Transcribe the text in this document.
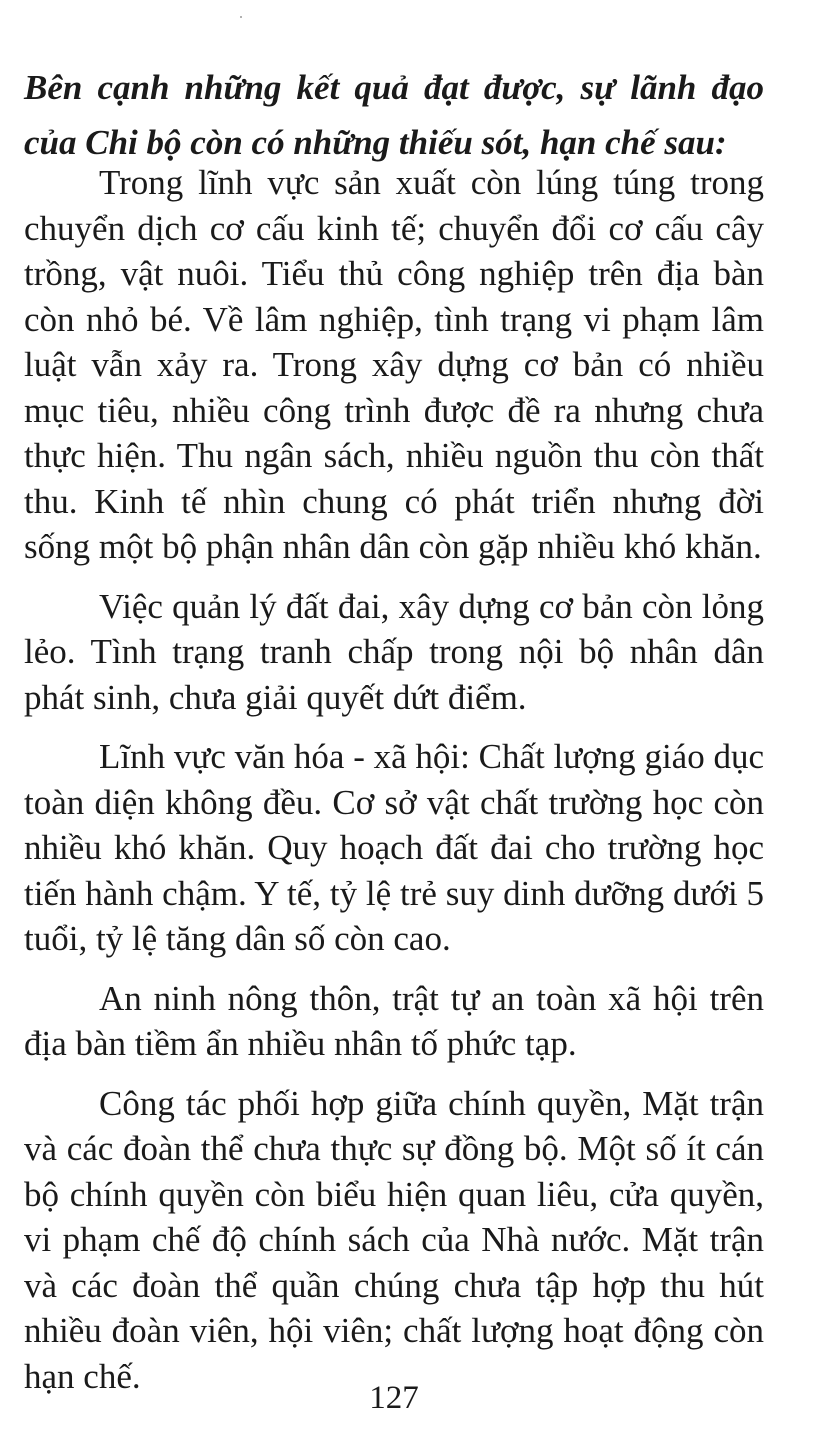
Bên cạnh những kết quả đạt được, sự lãnh đạo của Chi bộ còn có những thiếu sót, hạn chế sau:

Trong lĩnh vực sản xuất còn lúng túng trong chuyển dịch cơ cấu kinh tế; chuyển đổi cơ cấu cây trồng, vật nuôi. Tiểu thủ công nghiệp trên địa bàn còn nhỏ bé. Về lâm nghiệp, tình trạng vi phạm lâm luật vẫn xảy ra. Trong xây dựng cơ bản có nhiều mục tiêu, nhiều công trình được đề ra nhưng chưa thực hiện. Thu ngân sách, nhiều nguồn thu còn thất thu. Kinh tế nhìn chung có phát triển nhưng đời sống một bộ phận nhân dân còn gặp nhiều khó khăn.

Việc quản lý đất đai, xây dựng cơ bản còn lỏng lẻo. Tình trạng tranh chấp trong nội bộ nhân dân phát sinh, chưa giải quyết dứt điểm.

Lĩnh vực văn hóa - xã hội: Chất lượng giáo dục toàn diện không đều. Cơ sở vật chất trường học còn nhiều khó khăn. Quy hoạch đất đai cho trường học tiến hành chậm. Y tế, tỷ lệ trẻ suy dinh dưỡng dưới 5 tuổi, tỷ lệ tăng dân số còn cao.

An ninh nông thôn, trật tự an toàn xã hội trên địa bàn tiềm ẩn nhiều nhân tố phức tạp.

Công tác phối hợp giữa chính quyền, Mặt trận và các đoàn thể chưa thực sự đồng bộ. Một số ít cán bộ chính quyền còn biểu hiện quan liêu, cửa quyền, vi phạm chế độ chính sách của Nhà nước. Mặt trận và các đoàn thể quần chúng chưa tập hợp thu hút nhiều đoàn viên, hội viên; chất lượng hoạt động còn hạn chế.

127
